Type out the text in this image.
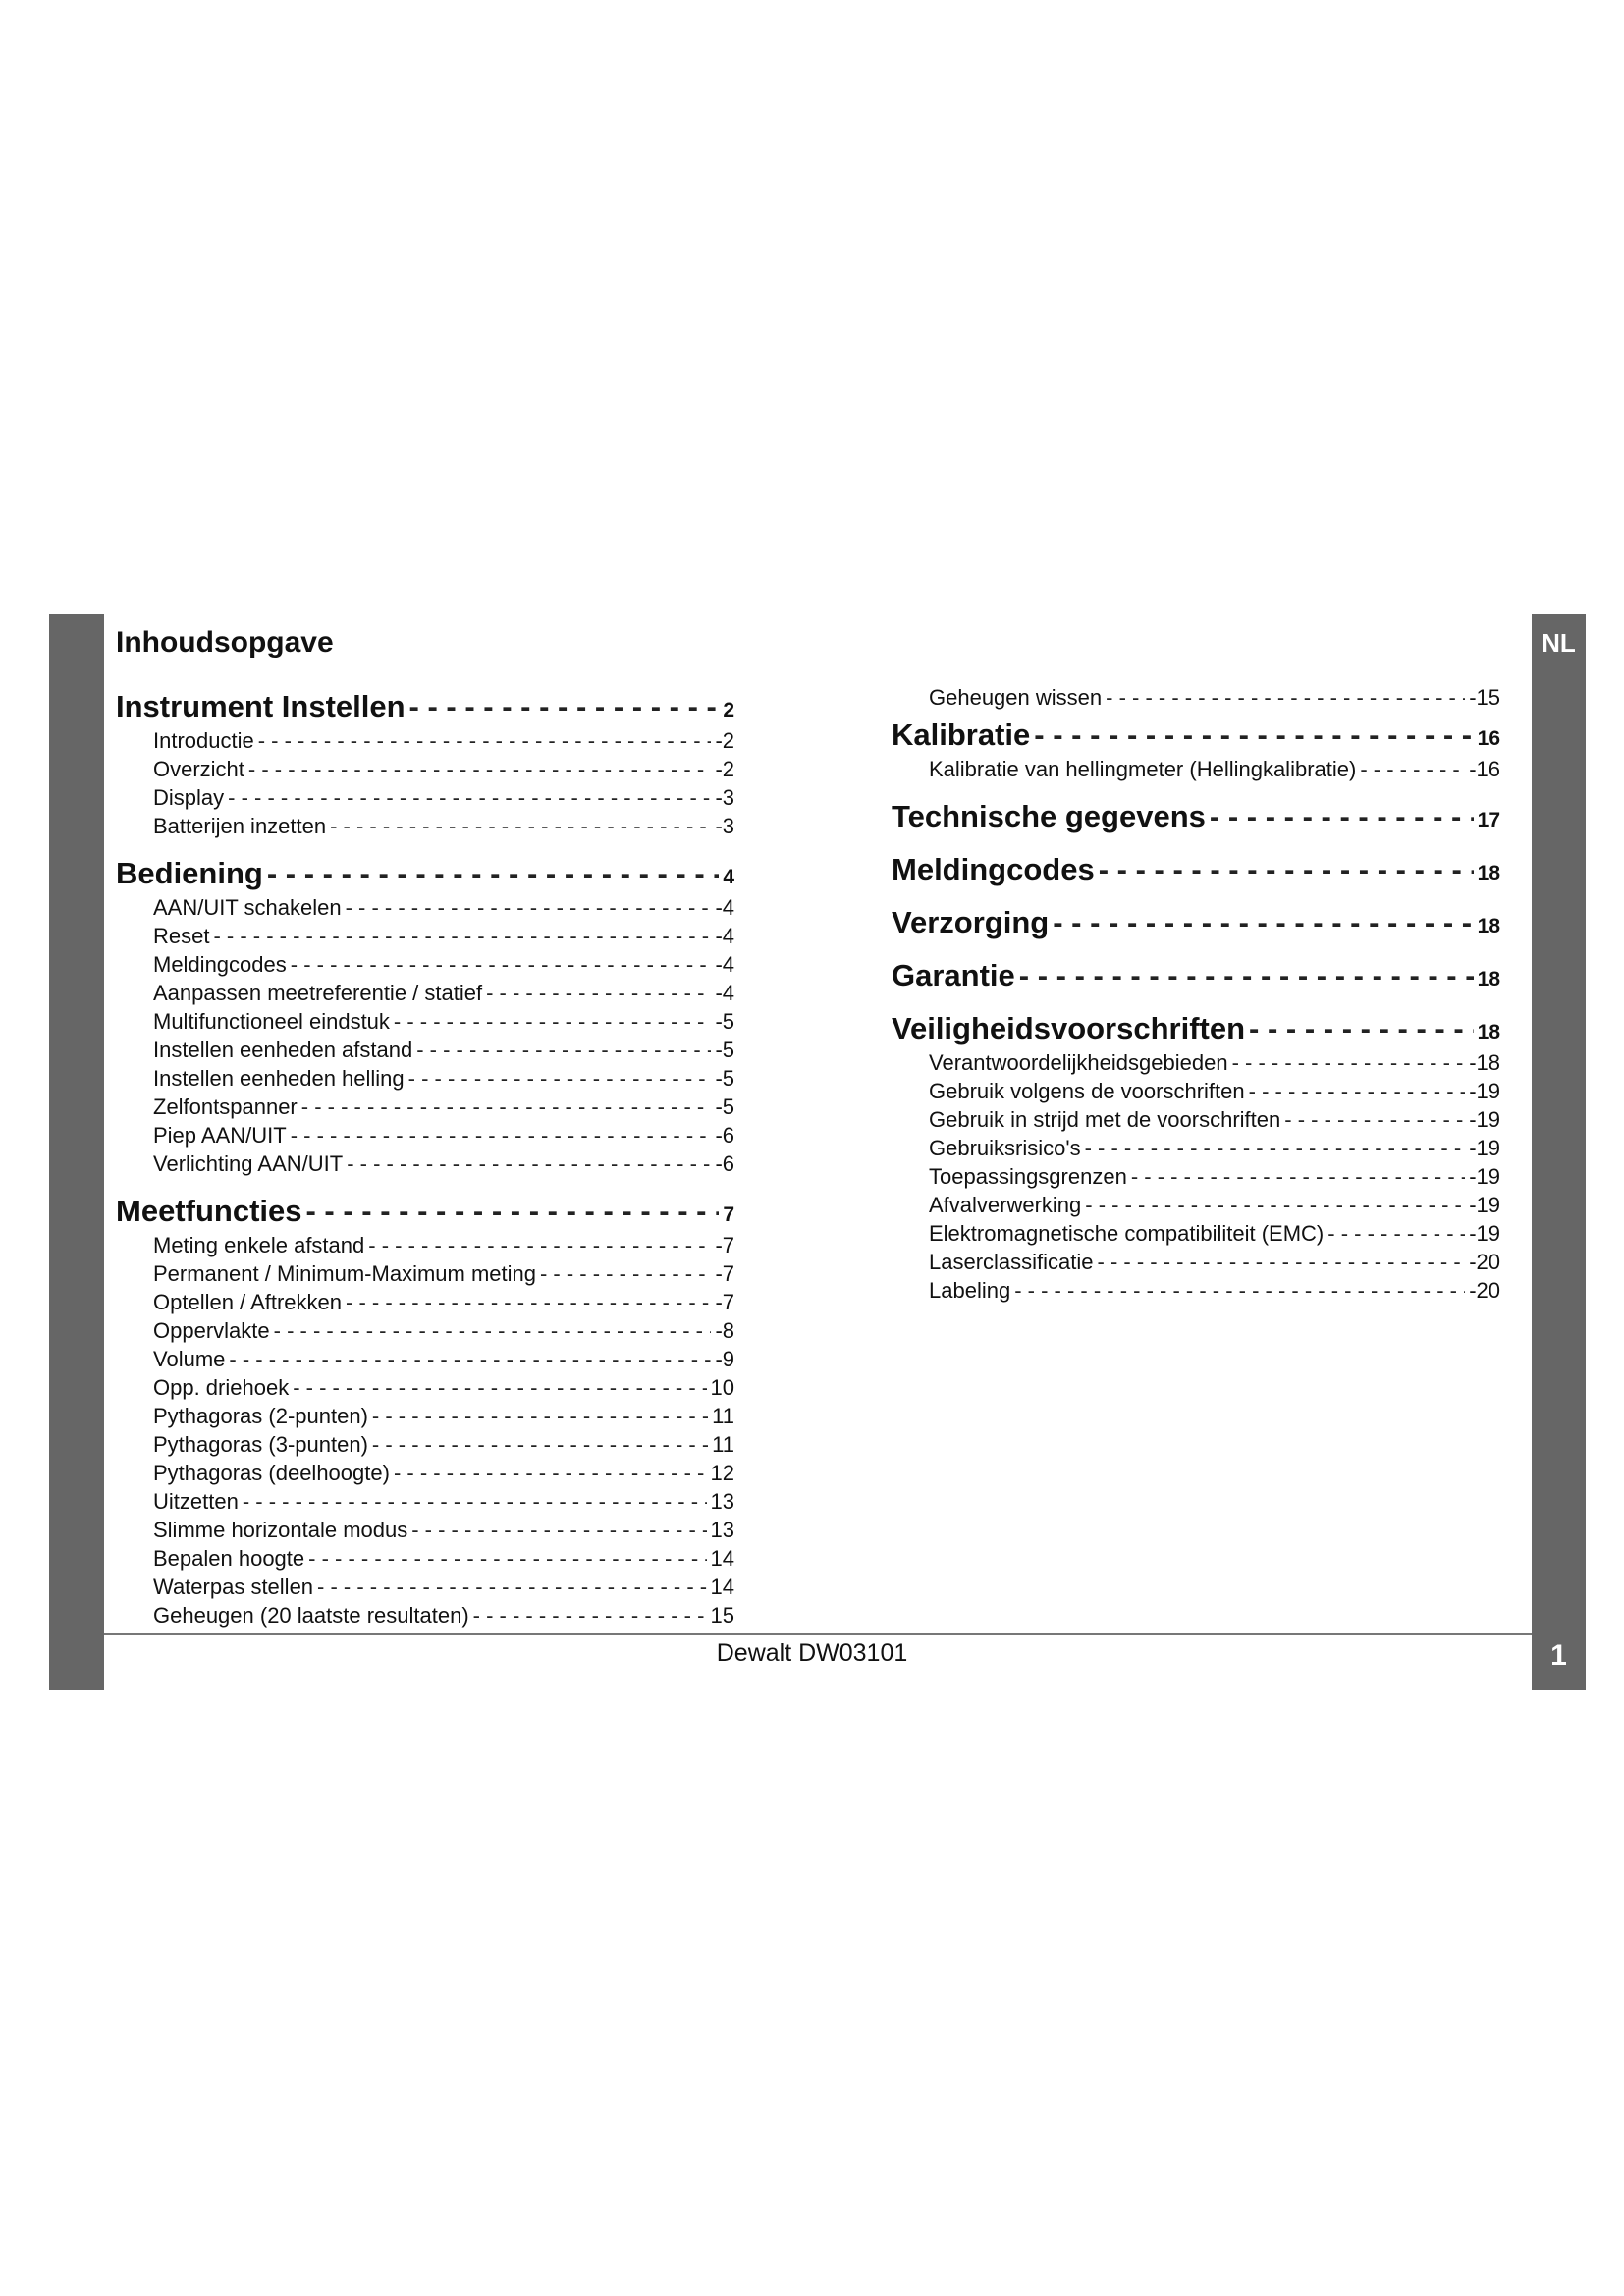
NL
1
Inhoudsopgave
Instrument Instellen - - -	2
Introductie - - -	-2
Overzicht - - -	-2
Display - - -	-3
Batterijen inzetten - - -	-3
Bediening - - -	4
AAN/UIT schakelen - - -	-4
Reset - - -	-4
Meldingcodes - - -	-4
Aanpassen meetreferentie / statief - - -	-4
Multifunctioneel eindstuk - - -	-5
Instellen eenheden afstand - - -	-5
Instellen eenheden helling - - -	-5
Zelfontspanner - - -	-5
Piep AAN/UIT - - -	-6
Verlichting AAN/UIT - - -	-6
Meetfuncties - - -	7
Meting enkele afstand - - -	-7
Permanent / Minimum-Maximum meting - - -	-7
Optellen / Aftrekken - - -	-7
Oppervlakte - - -	-8
Volume - - -	-9
Opp. driehoek - - -	10
Pythagoras (2-punten) - - -	11
Pythagoras (3-punten) - - -	11
Pythagoras (deelhoogte) - - -	12
Uitzetten - - -	13
Slimme horizontale modus - - -	13
Bepalen hoogte - - -	14
Waterpas stellen - - -	14
Geheugen (20 laatste resultaten) - - -	15
Geheugen wissen - - -	-15
Kalibratie - - -	16
Kalibratie van hellingmeter (Hellingkalibratie) - - -	-16
Technische gegevens - - -	17
Meldingcodes - - -	18
Verzorging - - -	18
Garantie - - -	18
Veiligheidsvoorschriften - - -	18
Verantwoordelijkheidsgebieden - - -	-18
Gebruik volgens de voorschriften - - -	-19
Gebruik in strijd met de voorschriften - - -	-19
Gebruiksrisico's - - -	-19
Toepassingsgrenzen - - -	-19
Afvalverwerking - - -	-19
Elektromagnetische compatibiliteit (EMC) - - -	-19
Laserclassificatie - - -	-20
Labeling - - -	-20
Dewalt DW03101
